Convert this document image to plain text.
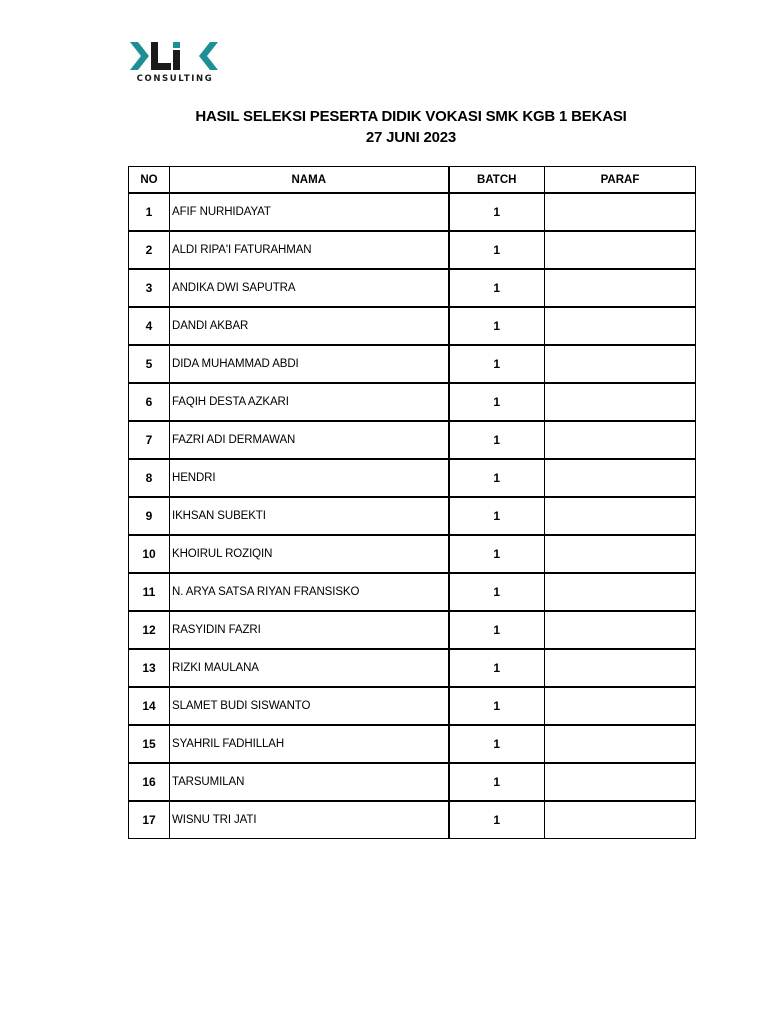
CONSULTING
HASIL SELEKSI PESERTA DIDIK VOKASI SMK KGB 1 BEKASI
27 JUNI 2023
NO	NAMA	BATCH	PARAF
1	AFIF NURHIDAYAT	1	
2	ALDI RIPA'I FATURAHMAN	1	
3	ANDIKA DWI SAPUTRA	1	
4	DANDI AKBAR	1	
5	DIDA MUHAMMAD ABDI	1	
6	FAQIH DESTA AZKARI	1	
7	FAZRI ADI DERMAWAN	1	
8	HENDRI	1	
9	IKHSAN SUBEKTI	1	
10	KHOIRUL ROZIQIN	1	
11	N. ARYA SATSA RIYAN FRANSISKO	1	
12	RASYIDIN FAZRI	1	
13	RIZKI MAULANA	1	
14	SLAMET BUDI SISWANTO	1	
15	SYAHRIL FADHILLAH	1	
16	TARSUMILAN	1	
17	WISNU TRI JATI	1	
